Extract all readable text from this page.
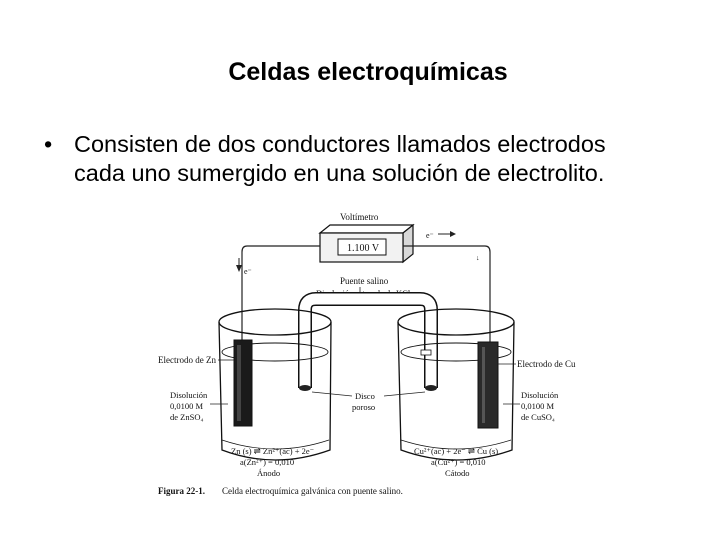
Celdas electroquímicas
• Consisten de dos conductores llamados electrodos
cada uno sumergido en una solución de electrolito.
Voltímetro
1.100 V
e⁻
e⁻
↓
Puente salino
Disolución saturada de KCl
Electrodo de Zn
Disolución
0,0100 M
de ZnSO₄
Electrodo de Cu
Disolución
0,0100 M
de CuSO₄
Disco
poroso
Zn (s) ⇌ Zn²⁺(ac) + 2e⁻
a(Zn²⁺) = 0,010
Ánodo
Cu²⁺(ac) + 2e⁻ ⇌ Cu (s)
a(Cu²⁺) = 0,010
Cátodo
Figura 22-1. Celda electroquímica galvánica con puente salino.
